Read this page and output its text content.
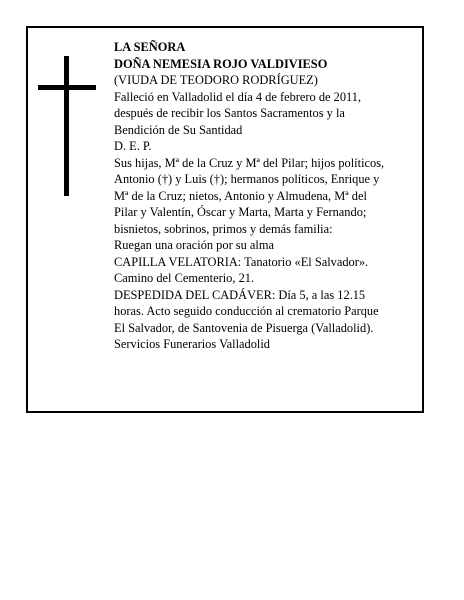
LA SEÑORA
DOÑA NEMESIA ROJO VALDIVIESO
(VIUDA DE TEODORO RODRÍGUEZ)
Falleció en Valladolid el día 4 de febrero de 2011,
después de recibir los Santos Sacramentos y la
Bendición de Su Santidad
D. E. P.
Sus hijas, Mª de la Cruz y Mª del Pilar; hijos políticos,
Antonio (†) y Luis (†); hermanos políticos, Enrique y
Mª de la Cruz; nietos, Antonio y Almudena, Mª del
Pilar y Valentín, Óscar y Marta, Marta y Fernando;
bisnietos, sobrinos, primos y demás familia:
Ruegan una oración por su alma
CAPILLA VELATORIA: Tanatorio «El Salvador».
Camino del Cementerio, 21.
DESPEDIDA DEL CADÁVER: Día 5, a las 12.15
horas. Acto seguido conducción al crematorio Parque
El Salvador, de Santovenia de Pisuerga (Valladolid).
Servicios Funerarios Valladolid
